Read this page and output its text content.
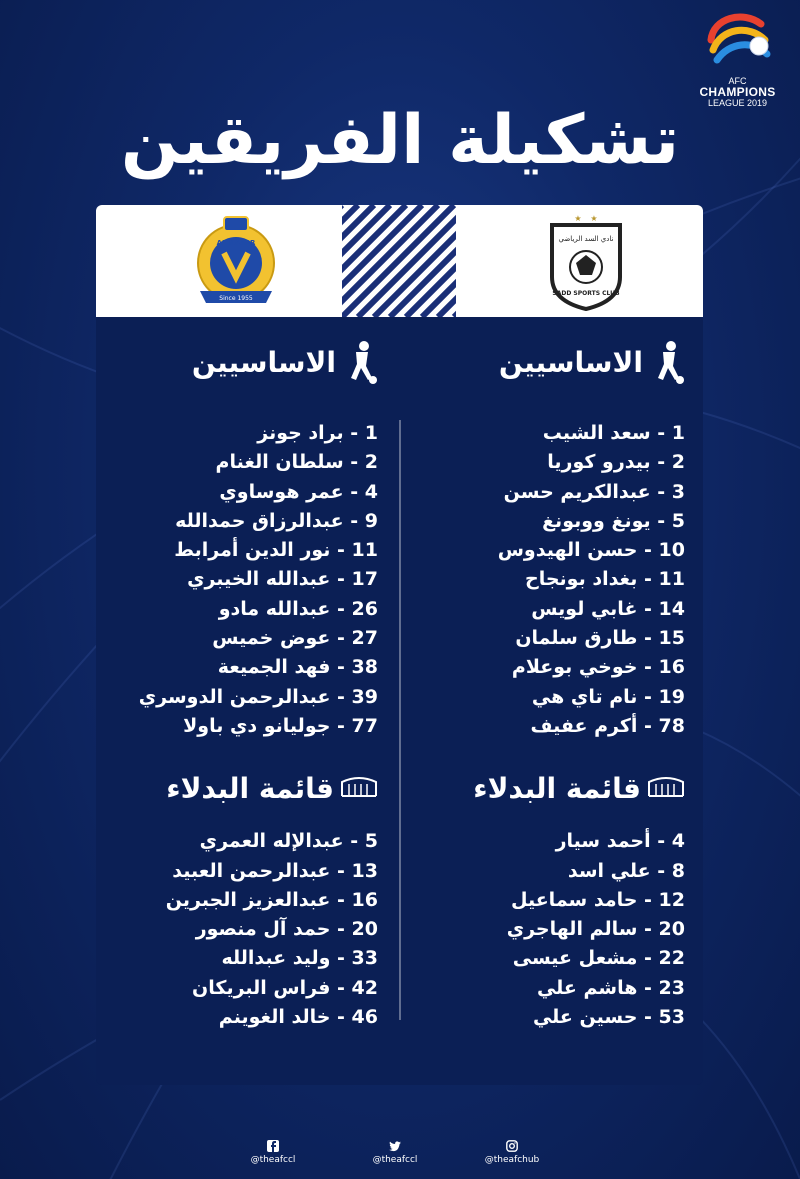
AFC
CHAMPIONS
LEAGUE 2019
تشكيلة الفريقين
AL NASSR
Since 1955
★ ★
نادي السد الرياضي
SADD SPORTS CLUB
الاساسيين
1 - سعد الشيب
2 - بيدرو كوريا
3 - عبدالكريم حسن
5 - يونغ ووبونغ
10 - حسن الهيدوس
11 - بغداد بونجاح
14 - غابي لويس
15 - طارق سلمان
16 - خوخي بوعلام
19 - نام تاي هي
78 - أكرم عفيف
قائمة البدلاء
4 - أحمد سيار
8 - علي اسد
12 - حامد سماعيل
20 - سالم الهاجري
22 - مشعل عيسى
23 - هاشم علي
53 - حسين علي
الاساسيين
1 - براد جونز
2 - سلطان الغنام
4 - عمر هوساوي
9 - عبدالرزاق حمدالله
11 - نور الدين أمرابط
17 - عبدالله الخيبري
26 - عبدالله مادو
27 - عوض خميس
38 - فهد الجميعة
39 - عبدالرحمن الدوسري
77 - جوليانو دي باولا
قائمة البدلاء
5 - عبدالإله العمري
13 - عبدالرحمن العبيد
16 - عبدالعزيز الجبرين
20 - حمد آل منصور
33 - وليد عبدالله
42 - فراس البريكان
46 - خالد الغوينم
@theafccl	@theafccl	@theafchub
